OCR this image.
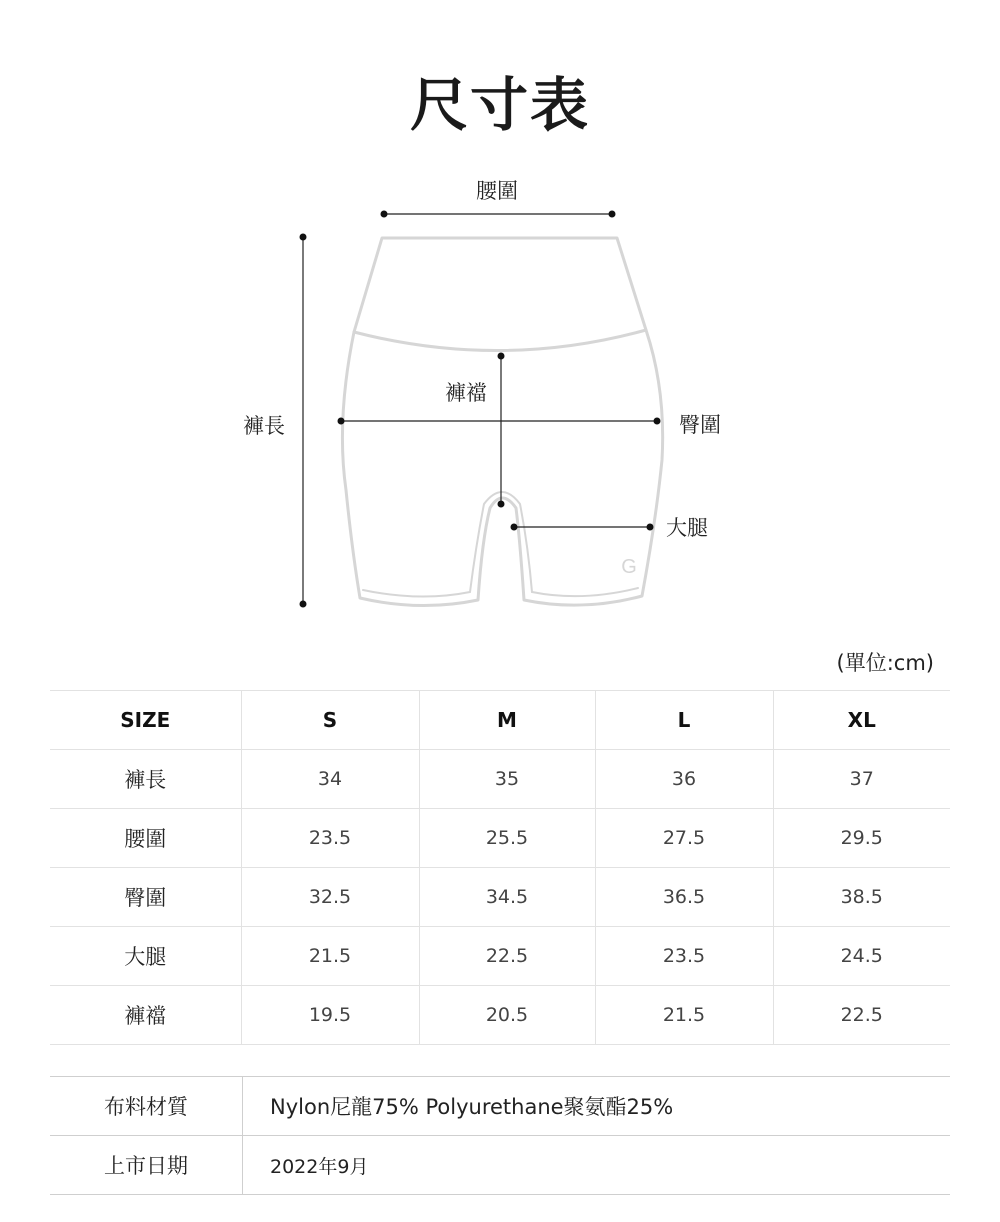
尺寸表
G
腰圍
褲長
褲襠
臀圍
大腿
(單位:cm)
SIZE	S	M	L	XL
褲長	34	35	36	37
腰圍	23.5	25.5	27.5	29.5
臀圍	32.5	34.5	36.5	38.5
大腿	21.5	22.5	23.5	24.5
褲襠	19.5	20.5	21.5	22.5
布料材質	Nylon尼龍75% Polyurethane聚氨酯25%
上市日期	2022年9月
